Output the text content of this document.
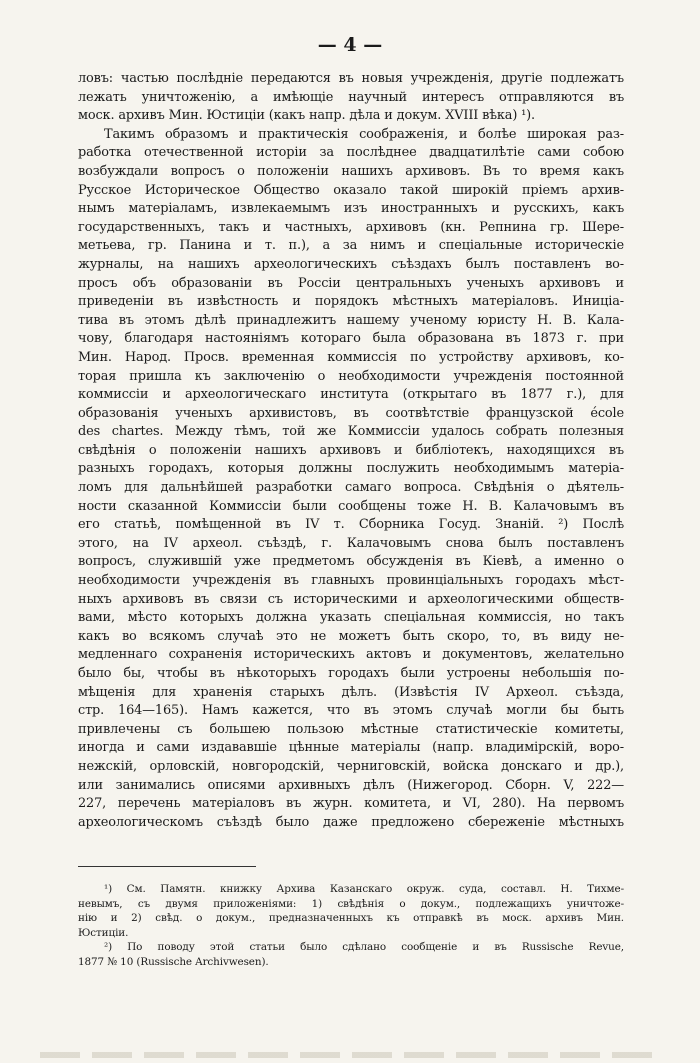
— 4 —
ловъ: частью послѣдніе передаются въ новыя учрежденія, другіе подлежатъ
лежать уничтоженію, а имѣющіе научный интересъ отправляются въ
моск. архивъ Мин. Юстиціи (какъ напр. дѣла и докум. XVIII вѣка) ¹).
Такимъ образомъ и практическія соображенія, и болѣе широкая раз-
работка отечественной исторіи за послѣднее двадцатилѣтіе сами собою
возбуждали вопросъ о положеніи нашихъ архивовъ. Въ то время какъ
Русское Историческое Общество оказало такой широкій пріемъ архив-
нымъ матеріаламъ, извлекаемымъ изъ иностранныхъ и русскихъ, какъ
государственныхъ, такъ и частныхъ, архивовъ (кн. Репнина гр. Шере-
метьева, гр. Панина и т. п.), а за нимъ и спеціальные историческіе
журналы, на нашихъ археологическихъ съѣздахъ былъ поставленъ во-
просъ объ образованіи въ Россіи центральныхъ ученыхъ архивовъ и
приведеніи въ извѣстность и порядокъ мѣстныхъ матеріаловъ. Иниціа-
тива въ этомъ дѣлѣ принадлежитъ нашему ученому юристу Н. В. Кала-
чову, благодаря настояніямъ котораго была образована въ 1873 г. при
Мин. Народ. Просв. временная коммиссія по устройству архивовъ, ко-
торая пришла къ заключенію о необходимости учрежденія постоянной
коммиссіи и археологическаго института (открытаго въ 1877 г.), для
образованія ученыхъ архивистовъ, въ соотвѣтствіе французской école
des chartes. Между тѣмъ, той же Коммиссіи удалось собрать полезныя
свѣдѣнія о положеніи нашихъ архивовъ и библіотекъ, находящихся въ
разныхъ городахъ, которыя должны послужить необходимымъ матеріа-
ломъ для дальнѣйшей разработки самаго вопроса. Свѣдѣнія о дѣятель-
ности сказанной Коммиссіи были сообщены тоже Н. В. Калачовымъ въ
его статьѣ, помѣщенной въ IV т. Сборника Госуд. Знаній. ²) Послѣ
этого, на IV археол. съѣздѣ, г. Калачовымъ снова былъ поставленъ
вопросъ, служившій уже предметомъ обсужденія въ Кіевѣ, а именно о
необходимости учрежденія въ главныхъ провинціальныхъ городахъ мѣст-
ныхъ архивовъ въ связи съ историческими и археологическими обществ-
вами, мѣсто которыхъ должна указать спеціальная коммиссія, но такъ
какъ во всякомъ случаѣ это не можетъ быть скоро, то, въ виду не-
медленнаго сохраненія историческихъ актовъ и документовъ, желательно
было бы, чтобы въ нѣкоторыхъ городахъ были устроены небольшія по-
мѣщенія для храненія старыхъ дѣлъ. (Извѣстія IV Археол. съѣзда,
стр. 164—165). Намъ кажется, что въ этомъ случаѣ могли бы быть
привлечены съ большею пользою мѣстные статистическіе комитеты,
иногда и сами издававшіе цѣнные матеріалы (напр. владимірскій, воро-
нежскій, орловскій, новгородскій, черниговскій, войска донскаго и др.),
или занимались описями архивныхъ дѣлъ (Нижегород. Сборн. V, 222—
227, перечень матеріаловъ въ журн. комитета, и VI, 280). На первомъ
археологическомъ съѣздѣ было даже предложено сбереженіе мѣстныхъ
¹) См. Памятн. книжку Архива Казанскаго окруж. суда, составл. Н. Тихме-
невымъ, съ двумя приложеніями: 1) свѣдѣнія о докум., подлежащихъ уничтоже-
нію и 2) свѣд. о докум., предназначенныхъ къ отправкѣ въ моск. архивъ Мин.
Юстиціи.
²) По поводу этой статьи было сдѣлано сообщеніе и въ Russische Revue,
1877 № 10 (Russische Archivwesen).
